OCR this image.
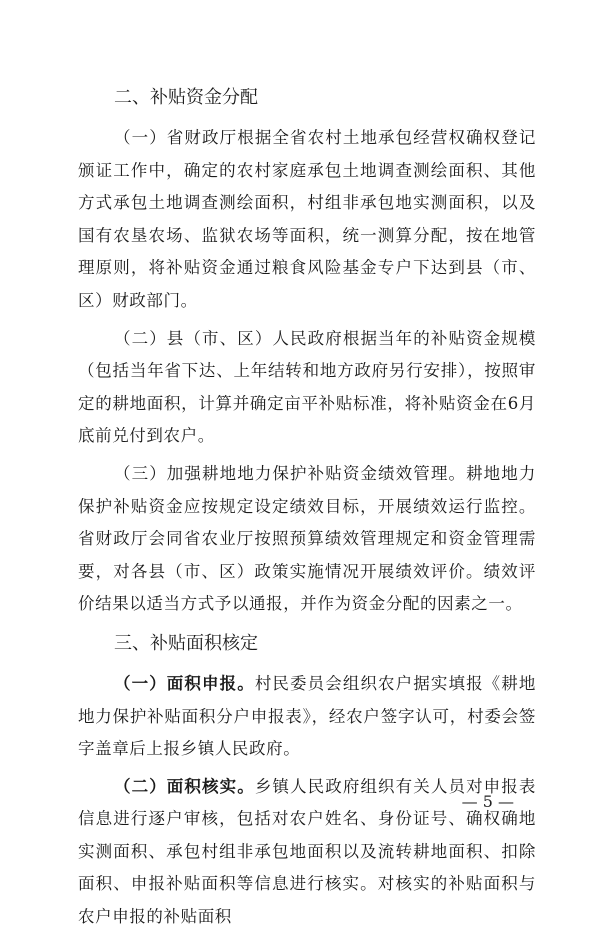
二、补贴资金分配

（一）省财政厅根据全省农村土地承包经营权确权登记颁证工作中，确定的农村家庭承包土地调查测绘面积、其他方式承包土地调查测绘面积，村组非承包地实测面积，以及国有农垦农场、监狱农场等面积，统一测算分配，按在地管理原则，将补贴资金通过粮食风险基金专户下达到县（市、区）财政部门。

（二）县（市、区）人民政府根据当年的补贴资金规模（包括当年省下达、上年结转和地方政府另行安排），按照审定的耕地面积，计算并确定亩平补贴标准，将补贴资金在6月底前兑付到农户。

（三）加强耕地地力保护补贴资金绩效管理。耕地地力保护补贴资金应按规定设定绩效目标，开展绩效运行监控。省财政厅会同省农业厅按照预算绩效管理规定和资金管理需要，对各县（市、区）政策实施情况开展绩效评价。绩效评价结果以适当方式予以通报，并作为资金分配的因素之一。

三、补贴面积核定

（一）面积申报。村民委员会组织农户据实填报《耕地地力保护补贴面积分户申报表》，经农户签字认可，村委会签字盖章后上报乡镇人民政府。

（二）面积核实。乡镇人民政府组织有关人员对申报表信息进行逐户审核，包括对农户姓名、身份证号、确权确地实测面积、承包村组非承包地面积以及流转耕地面积、扣除面积、申报补贴面积等信息进行核实。对核实的补贴面积与农户申报的补贴面积

— 5 —
